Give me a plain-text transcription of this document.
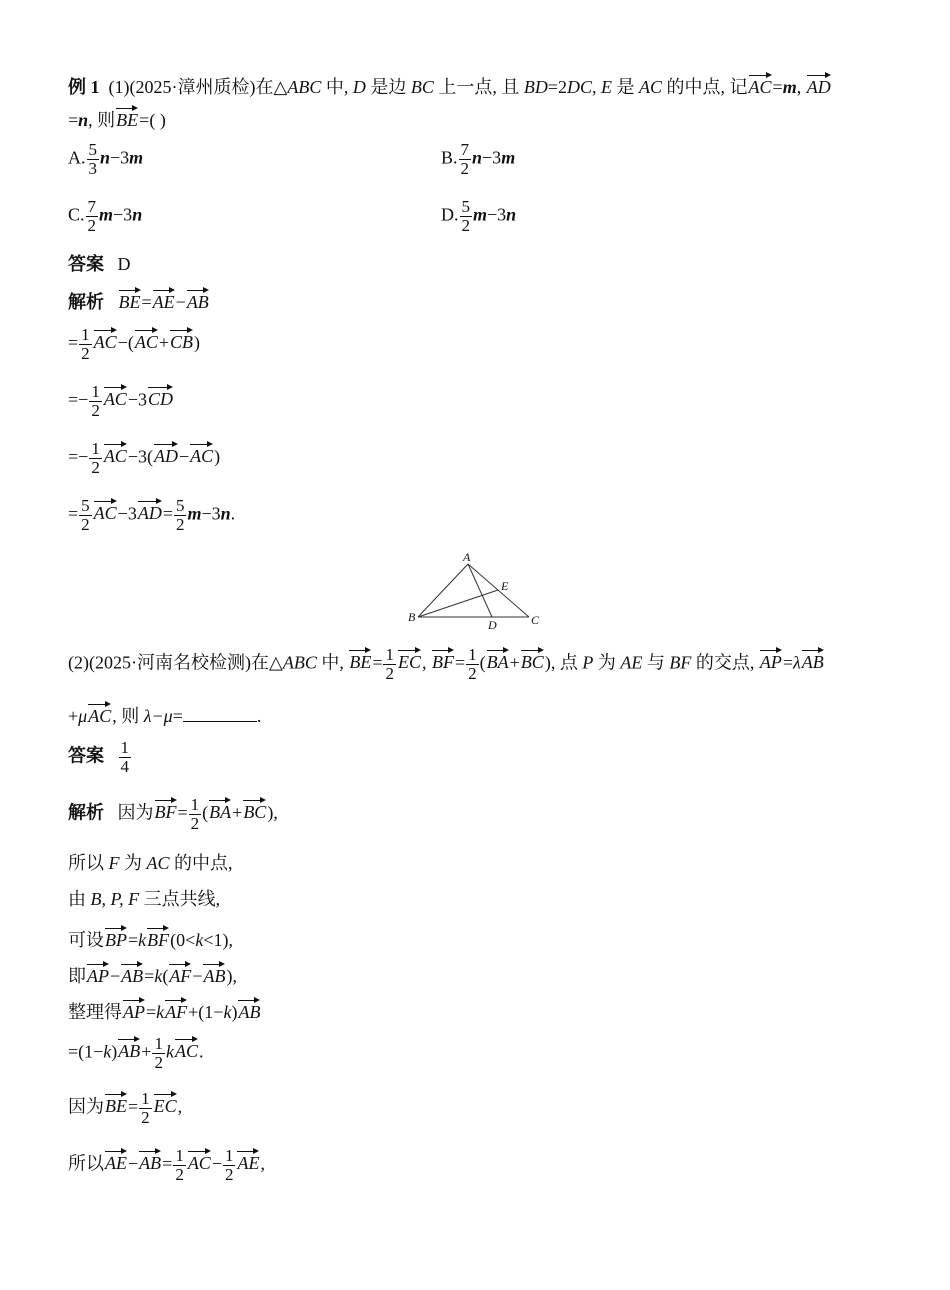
例 1 (1)(2025·漳州质检)在△ABC 中, D 是边 BC 上一点, 且 BD=2DC, E 是 AC 的中点, 记AC=m, AD
=n, 则BE=( )
A. $\frac{5}{3} n-3m$	B. $\frac{7}{2} n-3m$
C. $\frac{7}{2} m-3n$	D. $\frac{5}{2} m-3n$
答案 D
解析 BE=AE−AB
= $\frac{1}{2} AC-(AC+CB)$
=− $\frac{1}{2} AC-3CD$
=− $\frac{1}{2} AC-3(AD-AC)$
= $\frac{5}{2} AC-3AD= \frac{5}{2} m-3n$.
A
B	C
D
E
(2)(2025·河南名校检测)在△ABC 中, $BE= \frac{1}{2}$ EC, $BF= \frac{1}{2} (BA+BC)$, 点 P 为 AE 与 BF 的交点, AP=λAB
+μAC, 则 λ−μ=	.
答案 $\frac{1}{4}$
解析 因为$BF= \frac{1}{2} (BA+BC)$,
所以 F 为 AC 的中点,
由 B, P, F 三点共线,
可设BP=kBF(0<k<1),
即AP−AB=k(AF−AB),
整理得AP=kAF+(1−k)AB
$=(1-k)AB+ \frac{1}{2}$ kAC.
因为$BE= \frac{1}{2}$ EC,
所以$AE-AB= \frac{1}{2} AC- \frac{1}{2}$ AE,
